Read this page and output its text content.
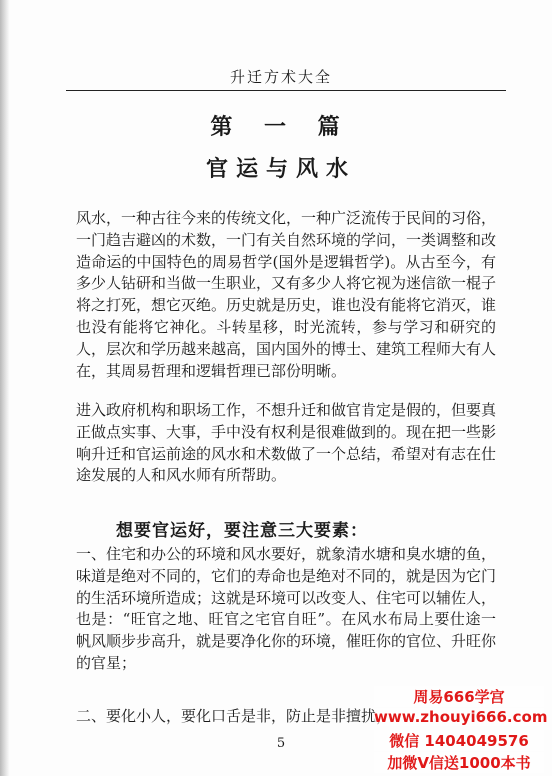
升迁方术大全
第 一 篇
官运与风水

风水，一种古往今来的传统文化，一种广泛流传于民间的习俗，一门趋吉避凶的术数，一门有关自然环境的学问，一类调整和改造命运的中国特色的周易哲学(国外是逻辑哲学)。从古至今，有多少人钻研和当做一生职业，又有多少人将它视为迷信欲一棍子将之打死，想它灭绝。历史就是历史，谁也没有能将它消灭，谁也没有能将它神化。斗转星移，时光流转，参与学习和研究的人，层次和学历越来越高，国内国外的博士、建筑工程师大有人在，其周易哲理和逻辑哲理已部份明晰。

进入政府机构和职场工作，不想升迁和做官肯定是假的，但要真正做点实事、大事，手中没有权利是很难做到的。现在把一些影响升迁和官运前途的风水和术数做了一个总结，希望对有志在仕途发展的人和风水师有所帮助。

想要官运好，要注意三大要素：

一、住宅和办公的环境和风水要好，就象清水塘和臭水塘的鱼，味道是绝对不同的，它们的寿命也是绝对不同的，就是因为它门的生活环境所造成；这就是环境可以改变人、住宅可以辅佐人，也是：“旺官之地、旺官之宅官自旺”。在风水布局上要仕途一帆风顺步步高升，就是要净化你的环境，催旺你的官位、升旺你的官星；

二、要化小人，要化口舌是非，防止是非擅扰，

5
周易666学宫
www.zhouyi666.com
微信 1404049576
加微V信送1000本书
